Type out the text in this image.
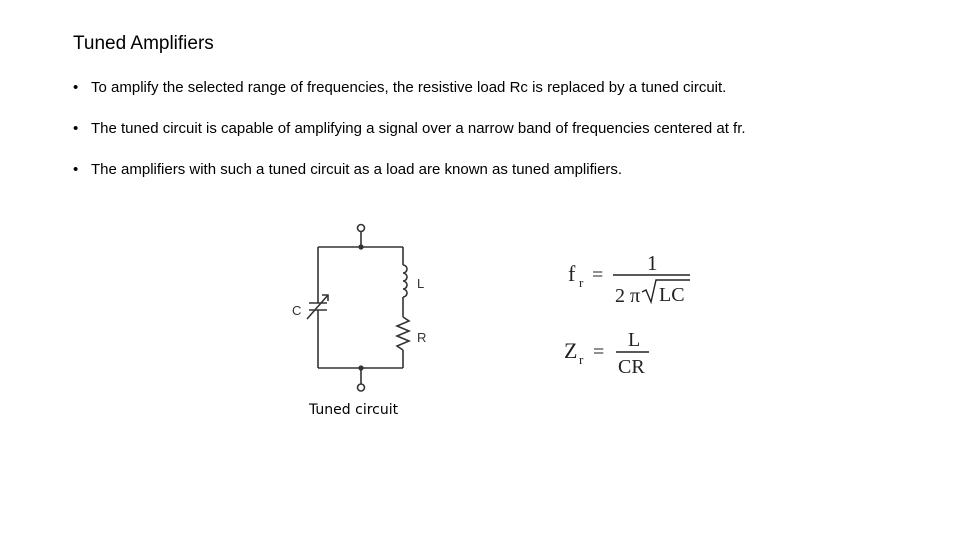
Tuned Amplifiers
• To amplify the selected range of frequencies, the resistive load Rc is replaced by a tuned circuit.
• The tuned circuit is capable of amplifying a signal over a narrow band of frequencies centered at fr.
• The amplifiers with such a tuned circuit as a load are known as tuned amplifiers.
C
L
R
Tuned circuit
f r = 1
2 π LC
Z r =
L
CR
